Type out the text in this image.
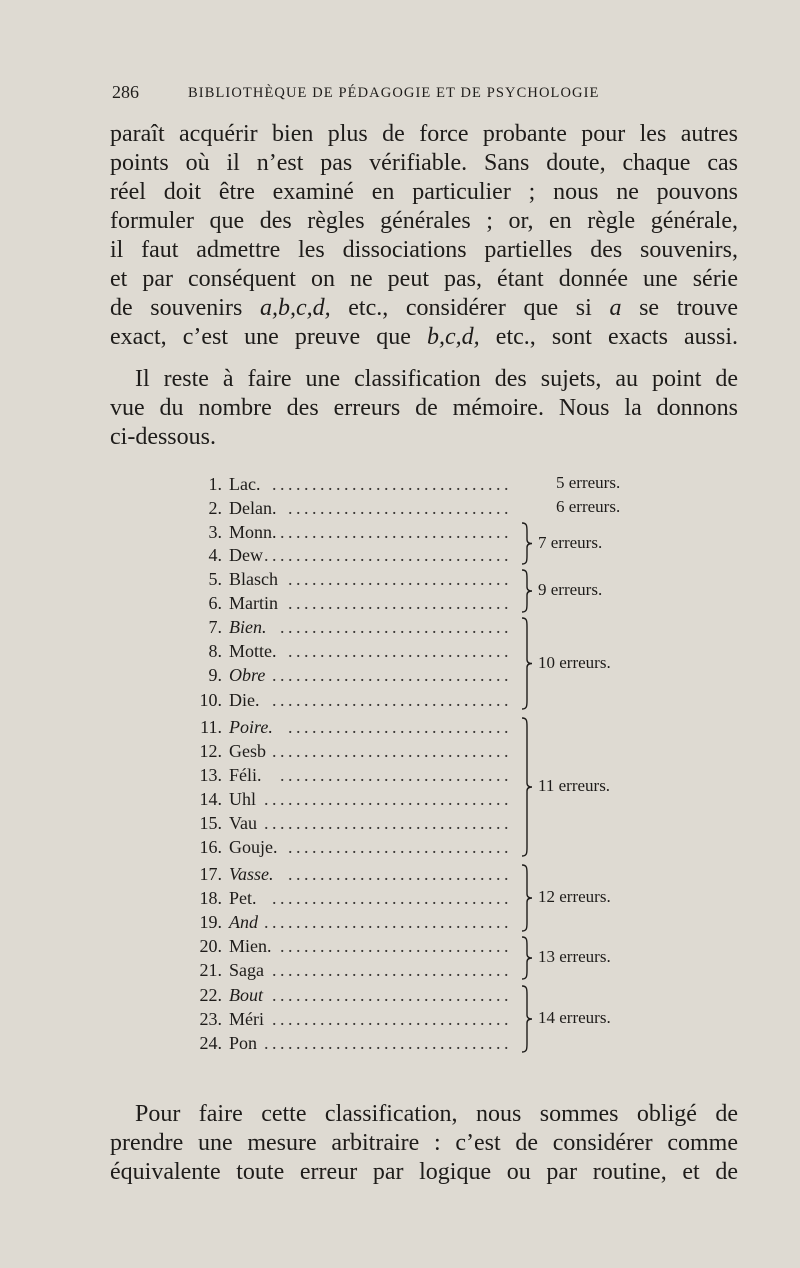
286	BIBLIOTHÈQUE DE PÉDAGOGIE ET DE PSYCHOLOGIE
paraît acquérir bien plus de force probante pour les autres
points où il n’est pas vérifiable. Sans doute, chaque cas
réel doit être examiné en particulier ; nous ne pouvons
formuler que des règles générales ; or, en règle générale,
il faut admettre les dissociations partielles des souvenirs,
et par conséquent on ne peut pas, étant donnée une série
de souvenirs a,b,c,d, etc., considérer que si a se trouve
exact, c’est une preuve que b,c,d, etc., sont exacts aussi.
Il reste à faire une classification des sujets, au point de
vue du nombre des erreurs de mémoire. Nous la donnons
ci-dessous.
1. Lac. ..............................
2. Delan. ............................
3. Monn. .............................
4. Dew ...............................
5. Blasch ............................
6. Martin ............................
7. Bien. .............................
8. Motte. ............................
9. Obre ..............................
10. Die. ..............................
11. Poire. ............................
12. Gesb ..............................
13. Féli. .............................
14. Uhl ...............................
15. Vau ...............................
16. Gouje. ............................
17. Vasse. ............................
18. Pet. ..............................
19. And ...............................
20. Mien. .............................
21. Saga ..............................
22. Bout ..............................
23. Méri ..............................
24. Pon ...............................
5 erreurs.
6 erreurs.
7 erreurs.
9 erreurs.
10 erreurs.
11 erreurs.
12 erreurs.
13 erreurs.
14 erreurs.
Pour faire cette classification, nous sommes obligé de
prendre une mesure arbitraire : c’est de considérer comme
équivalente toute erreur par logique ou par routine, et de
